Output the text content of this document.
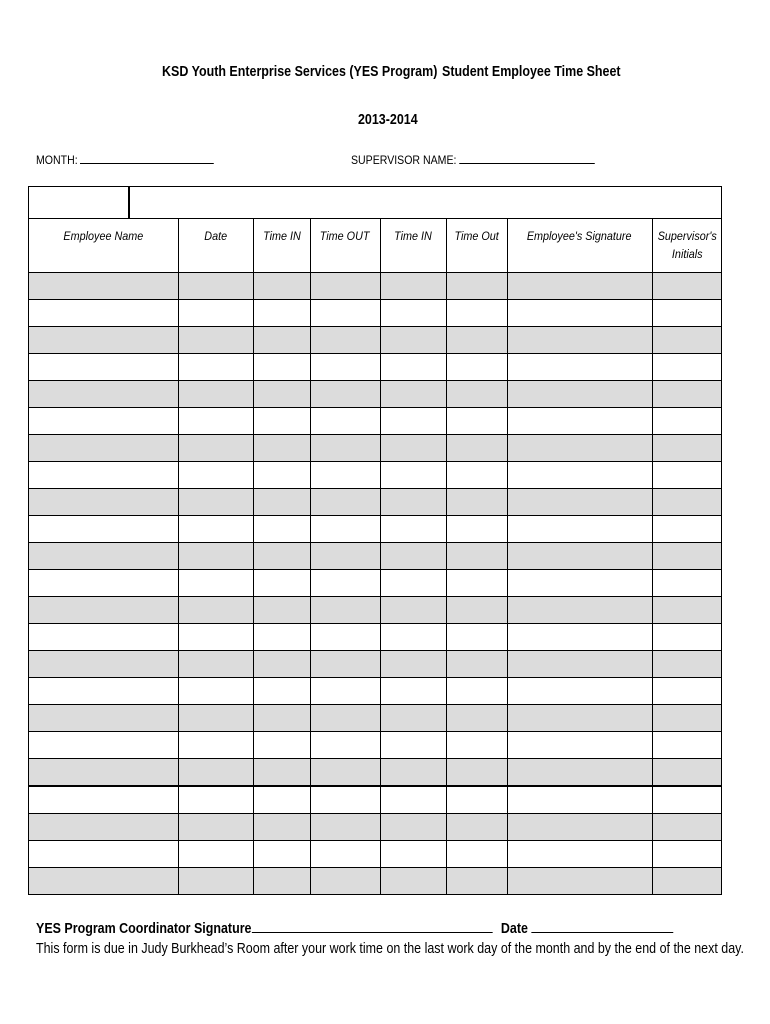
KSD Youth Enterprise Services (YES Program) Student Employee Time Sheet
2013-2014
MONTH:	SUPERVISOR NAME:
Employee Name	Date	Time IN	Time OUT	Time IN	Time Out	Employee's Signature	Supervisor's Initials

YES Program Coordinator Signature	Date
This form is due in Judy Burkhead’s Room after your work time on the last work day of the month and by the end of the next day.
